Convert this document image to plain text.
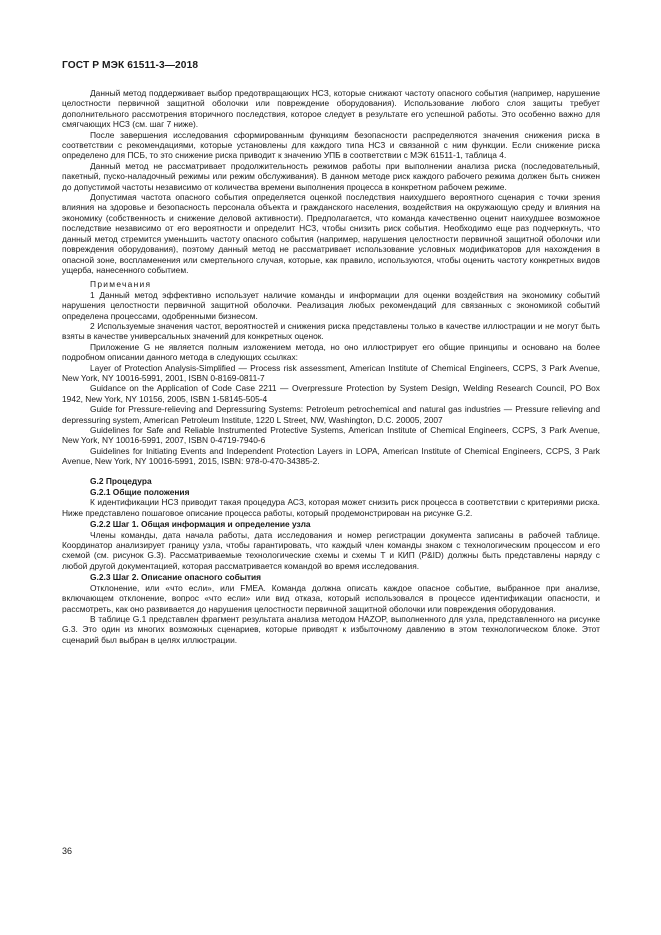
ГОСТ Р МЭК 61511-3—2018

Данный метод поддерживает выбор предотвращающих НСЗ, которые снижают частоту опасного события (например, нарушение целостности первичной защитной оболочки или повреждение оборудования). Использование любого слоя защиты требует дополнительного рассмотрения вторичного последствия, которое следует в результате его успешной работы. Это особенно важно для смягчающих НСЗ (см. шаг 7 ниже).

После завершения исследования сформированным функциям безопасности распределяются значения снижения риска в соответствии с рекомендациями, которые установлены для каждого типа НСЗ и связанной с ним функции. Если снижение риска определено для ПСБ, то это снижение риска приводит к значению УПБ в соответствии с МЭК 61511-1, таблица 4.

Данный метод не рассматривает продолжительность режимов работы при выполнении анализа риска (последовательный, пакетный, пуско-наладочный режимы или режим обслуживания). В данном методе риск каждого рабочего режима должен быть снижен до допустимой частоты независимо от количества времени выполнения процесса в конкретном рабочем режиме.

Допустимая частота опасного события определяется оценкой последствия наихудшего вероятного сценария с точки зрения влияния на здоровье и безопасность персонала объекта и гражданского населения, воздействия на окружающую среду и влияния на экономику (собственность и снижение деловой активности). Предполагается, что команда качественно оценит наихудшее возможное последствие независимо от его вероятности и определит НСЗ, чтобы снизить риск события. Необходимо еще раз подчеркнуть, что данный метод стремится уменьшить частоту опасного события (например, нарушения целостности первичной защитной оболочки или повреждения оборудования), поэтому данный метод не рассматривает использование условных модификаторов для нахождения в опасной зоне, воспламенения или смертельного случая, которые, как правило, используются, чтобы оценить частоту конкретных видов ущерба, нанесенного событием.

Примечания

1 Данный метод эффективно использует наличие команды и информации для оценки воздействия на экономику событий нарушения целостности первичной защитной оболочки. Реализация любых рекомендаций для связанных с экономикой событий определена процессами, одобренными бизнесом.

2 Используемые значения частот, вероятностей и снижения риска представлены только в качестве иллюстрации и не могут быть взяты в качестве универсальных значений для конкретных оценок.

Приложение G не является полным изложением метода, но оно иллюстрирует его общие принципы и основано на более подробном описании данного метода в следующих ссылках:

Layer of Protection Analysis-Simplified — Process risk assessment, American Institute of Chemical Engineers, CCPS, 3 Park Avenue, New York, NY 10016-5991, 2001, ISBN 0-8169-0811-7

Guidance on the Application of Code Case 2211 — Overpressure Protection by System Design, Welding Research Council, PO Box 1942, New York, NY 10156, 2005, ISBN 1-58145-505-4

Guide for Pressure-relieving and Depressuring Systems: Petroleum petrochemical and natural gas industries — Pressure relieving and depressuring system, American Petroleum Institute, 1220 L Street, NW, Washington, D.C. 20005, 2007

Guidelines for Safe and Reliable Instrumented Protective Systems, American Institute of Chemical Engineers, CCPS, 3 Park Avenue, New York, NY 10016-5991, 2007, ISBN 0-4719-7940-6

Guidelines for Initiating Events and Independent Protection Layers in LOPA, American Institute of Chemical Engineers, CCPS, 3 Park Avenue, New York, NY 10016-5991, 2015, ISBN: 978-0-470-34385-2.

G.2 Процедура

G.2.1 Общие положения

К идентификации НСЗ приводит такая процедура АСЗ, которая может снизить риск процесса в соответствии с критериями риска. Ниже представлено пошаговое описание процесса работы, который продемонстрирован на рисунке G.2.

G.2.2 Шаг 1. Общая информация и определение узла

Члены команды, дата начала работы, дата исследования и номер регистрации документа записаны в рабочей таблице. Координатор анализирует границу узла, чтобы гарантировать, что каждый член команды знаком с технологическим процессом и его схемой (см. рисунок G.3). Рассматриваемые технологические схемы и схемы Т и КИП (P&ID) должны быть представлены наряду с любой другой документацией, которая рассматривается командой во время исследования.

G.2.3 Шаг 2. Описание опасного события

Отклонение, или «что если», или FMEA. Команда должна описать каждое опасное событие, выбранное при анализе, включающем отклонение, вопрос «что если» или вид отказа, который использовался в процессе идентификации опасности, и рассмотреть, как оно развивается до нарушения целостности первичной защитной оболочки или повреждения оборудования.

В таблице G.1 представлен фрагмент результата анализа методом HAZOP, выполненного для узла, представленного на рисунке G.3. Это один из многих возможных сценариев, которые приводят к избыточному давлению в этом технологическом блоке. Этот сценарий был выбран в целях иллюстрации.

36
